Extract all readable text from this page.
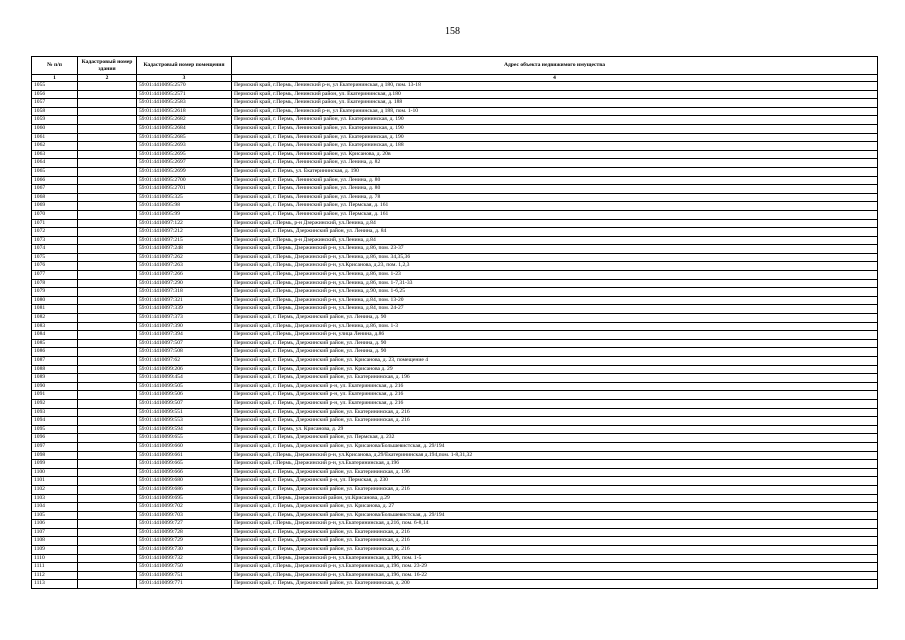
158
№ п/п	Кадастровый номер здания	Кадастровый номер помещения	Адрес объекта недвижимого имущества
1	2	3	4
1055		59:01:4410095:2570	Пермский край, г.Пермь, Ленинский р-н, ул Екатерининская, д 180, пом. 13-18
1056		59:01:4410095:2571	Пермский край, г.Пермь, Ленинский район, ул. Екатерининская, д.180
1057		59:01:4410095:2583	Пермский край, г.Пермь, Ленинский район, ул. Екатерининская, д. 188
1058		59:01:4410095:2618	Пермский край, г.Пермь, Ленинский р-н, ул Екатерининская, д 188, пом. 1-10
1059		59:01:4410095:2682	Пермский край, г. Пермь, Ленинский район, ул. Екатерининская, д. 190
1060		59:01:4410095:2684	Пермский край, г. Пермь, Ленинский район, ул. Екатерининская, д. 190
1061		59:01:4410095:2685	Пермский край, г. Пермь, Ленинский район, ул. Екатерининская, д. 190
1062		59:01:4410095:2693	Пермский край, г. Пермь, Ленинский район, ул. Екатерининская, д. 188
1063		59:01:4410095:2695	Пермский край, г. Пермь, Ленинский район, ул. Крисанова, д. 20в
1064		59:01:4410095:2697	Пермский край, г. Пермь, Ленинский район, ул. Ленина, д. 82
1065		59:01:4410095:2699	Пермский край, г. Пермь, ул. Екатерининская, д. 190
1066		59:01:4410095:2700	Пермский край, г. Пермь, Ленинский район, ул. Ленина, д. 80
1067		59:01:4410095:2701	Пермский край, г. Пермь, Ленинский район, ул. Ленина, д. 80
1068		59:01:4410095:325	Пермский край, г. Пермь, Ленинский район, ул. Ленина, д. 78
1069		59:01:4410095:98	Пермский край, г. Пермь, Ленинский район, ул. Пермская, д. 161
1070		59:01:4410095:99	Пермский край, г. Пермь, Ленинский район, ул. Пермская, д. 161
1071		59:01:4410097:122	Пермский край, г.Пермь, р-н Дзержинский, ул.Ленина, д.84
1072		59:01:4410097:212	Пермский край, г. Пермь, Дзержинский район, ул. Ленина, д. 84
1073		59:01:4410097:215	Пермский край, г.Пермь, р-н Дзержинский, ул.Ленина, д.84
1074		59:01:4410097:248	Пермский край, г.Пермь, Дзержинский р-н, ул.Ленина, д.86, пом. 23-37
1075		59:01:4410097:262	Пермский край, г.Пермь, Дзержинский р-н, ул.Ленина, д.86, пом. 34,35,36
1076		59:01:4410097:263	Пермский край, г.Пермь, Дзержинский р-н, ул.Крисанова, д.23, пом. 1,2,3
1077		59:01:4410097:266	Пермский край, г.Пермь, Дзержинский р-н, ул.Ленина, д.86, пом. 1-23
1078		59:01:4410097:290	Пермский край, г.Пермь, Дзержинский р-н, ул.Ленина, д.86, пом. 1-7,31-33
1079		59:01:4410097:318	Пермский край, г.Пермь, Дзержинский р-н, ул.Ленина, д.90, пом. 1-6,25
1080		59:01:4410097:321	Пермский край, г.Пермь, Дзержинский р-н, ул.Ленина, д.84, пом. 13-20
1081		59:01:4410097:339	Пермский край, г.Пермь, Дзержинский р-н, ул.Ленина, д.84, пом. 24-27
1082		59:01:4410097:373	Пермский край, г. Пермь, Дзержинский район, ул. Ленина, д. 90
1083		59:01:4410097:390	Пермский край, г.Пермь, Дзержинский р-н, ул.Ленина, д.86, пом. 1-3
1084		59:01:4410097:394	Пермский край, г.Пермь, Дзержинский р-н, улица Ленина, д.86
1085		59:01:4410097:507	Пермский край, г. Пермь, Дзержинский район, ул. Ленина, д. 90
1086		59:01:4410097:508	Пермский край, г. Пермь, Дзержинский район, ул. Ленина, д. 90
1087		59:01:4410097:62	Пермский край, г. Пермь, Дзержинский район, ул. Крисанова, д. 23, помещение 4
1088		59:01:4410099:206	Пермский край, г. Пермь, Дзержинский район, ул. Крисанова д. 29
1089		59:01:4410099:454	Пермский край, г. Пермь, Дзержинский район, ул. Екатерининская, д. 196
1090		59:01:4410099:505	Пермский край, г. Пермь, Дзержинский р-н, ул. Екатерининская, д. 216
1091		59:01:4410099:506	Пермский край, г. Пермь, Дзержинский р-н, ул. Екатерининская, д. 216
1092		59:01:4410099:507	Пермский край, г. Пермь, Дзержинский р-н, ул. Екатерининская, д. 216
1093		59:01:4410099:551	Пермский край, г. Пермь, Дзержинский район, ул. Екатерининская, д. 216
1094		59:01:4410099:553	Пермский край, г. Пермь, Дзержинский район, ул. Екатерининская, д. 216
1095		59:01:4410099:594	Пермский край, г. Пермь, ул. Крисанова, д. 29
1096		59:01:4410099:655	Пермский край, г. Пермь, Дзержинский район, ул. Пермская, д. 232
1097		59:01:4410099:660	Пермский край, г. Пермь, Дзержинский район, ул. Крисанова/Большевистская, д. 29/194
1098		59:01:4410099:661	Пермский край, г.Пермь, Дзержинский р-н, ул.Крисанова, д.29/Екатерининская д.194,пом. 1-8,31,32
1099		59:01:4410099:665	Пермский край, г.Пермь, Дзержинский р-н, ул.Екатерининская, д.196
1100		59:01:4410099:666	Пермский край, г. Пермь, Дзержинский район, ул. Екатерининская, д. 196
1101		59:01:4410099:680	Пермский край, г. Пермь, Дзержинский р-н, ул. Пермская, д. 230
1102		59:01:4410099:686	Пермский край, г. Пермь, Дзержинский район, ул. Екатерининская, д. 216
1103		59:01:4410099:695	Пермский край, г.Пермь, Дзержинский район, ул.Крисанова, д.29
1104		59:01:4410099:702	Пермский край, г. Пермь, Дзержинский район, ул. Крисанова, д. 27
1105		59:01:4410099:703	Пермский край, г. Пермь, Дзержинский район, ул. Крисанова/Большевистская, д. 29/194
1106		59:01:4410099:727	Пермский край, г.Пермь, Дзержинский р-н, ул.Екатерининская, д.216, пом. 6-8,14
1107		59:01:4410099:728	Пермский край, г. Пермь, Дзержинский район, ул. Екатерининская, д. 216
1108		59:01:4410099:729	Пермский край, г. Пермь, Дзержинский район, ул. Екатерининская, д. 216
1109		59:01:4410099:730	Пермский край, г. Пермь, Дзержинский район, ул. Екатерининская, д. 216
1110		59:01:4410099:732	Пермский край, г.Пермь, Дзержинский р-н, ул.Екатерининская, д.196, пом. 1-5
1111		59:01:4410099:750	Пермский край, г.Пермь, Дзержинский р-н, ул.Екатерининская, д.196, пом. 23-29
1112		59:01:4410099:751	Пермский край, г.Пермь, Дзержинский р-н, ул.Екатерининская, д.196, пом. 16-22
1113		59:01:4410099:771	Пермский край, г. Пермь, Дзержинский район, ул. Екатерининская, д. 200
